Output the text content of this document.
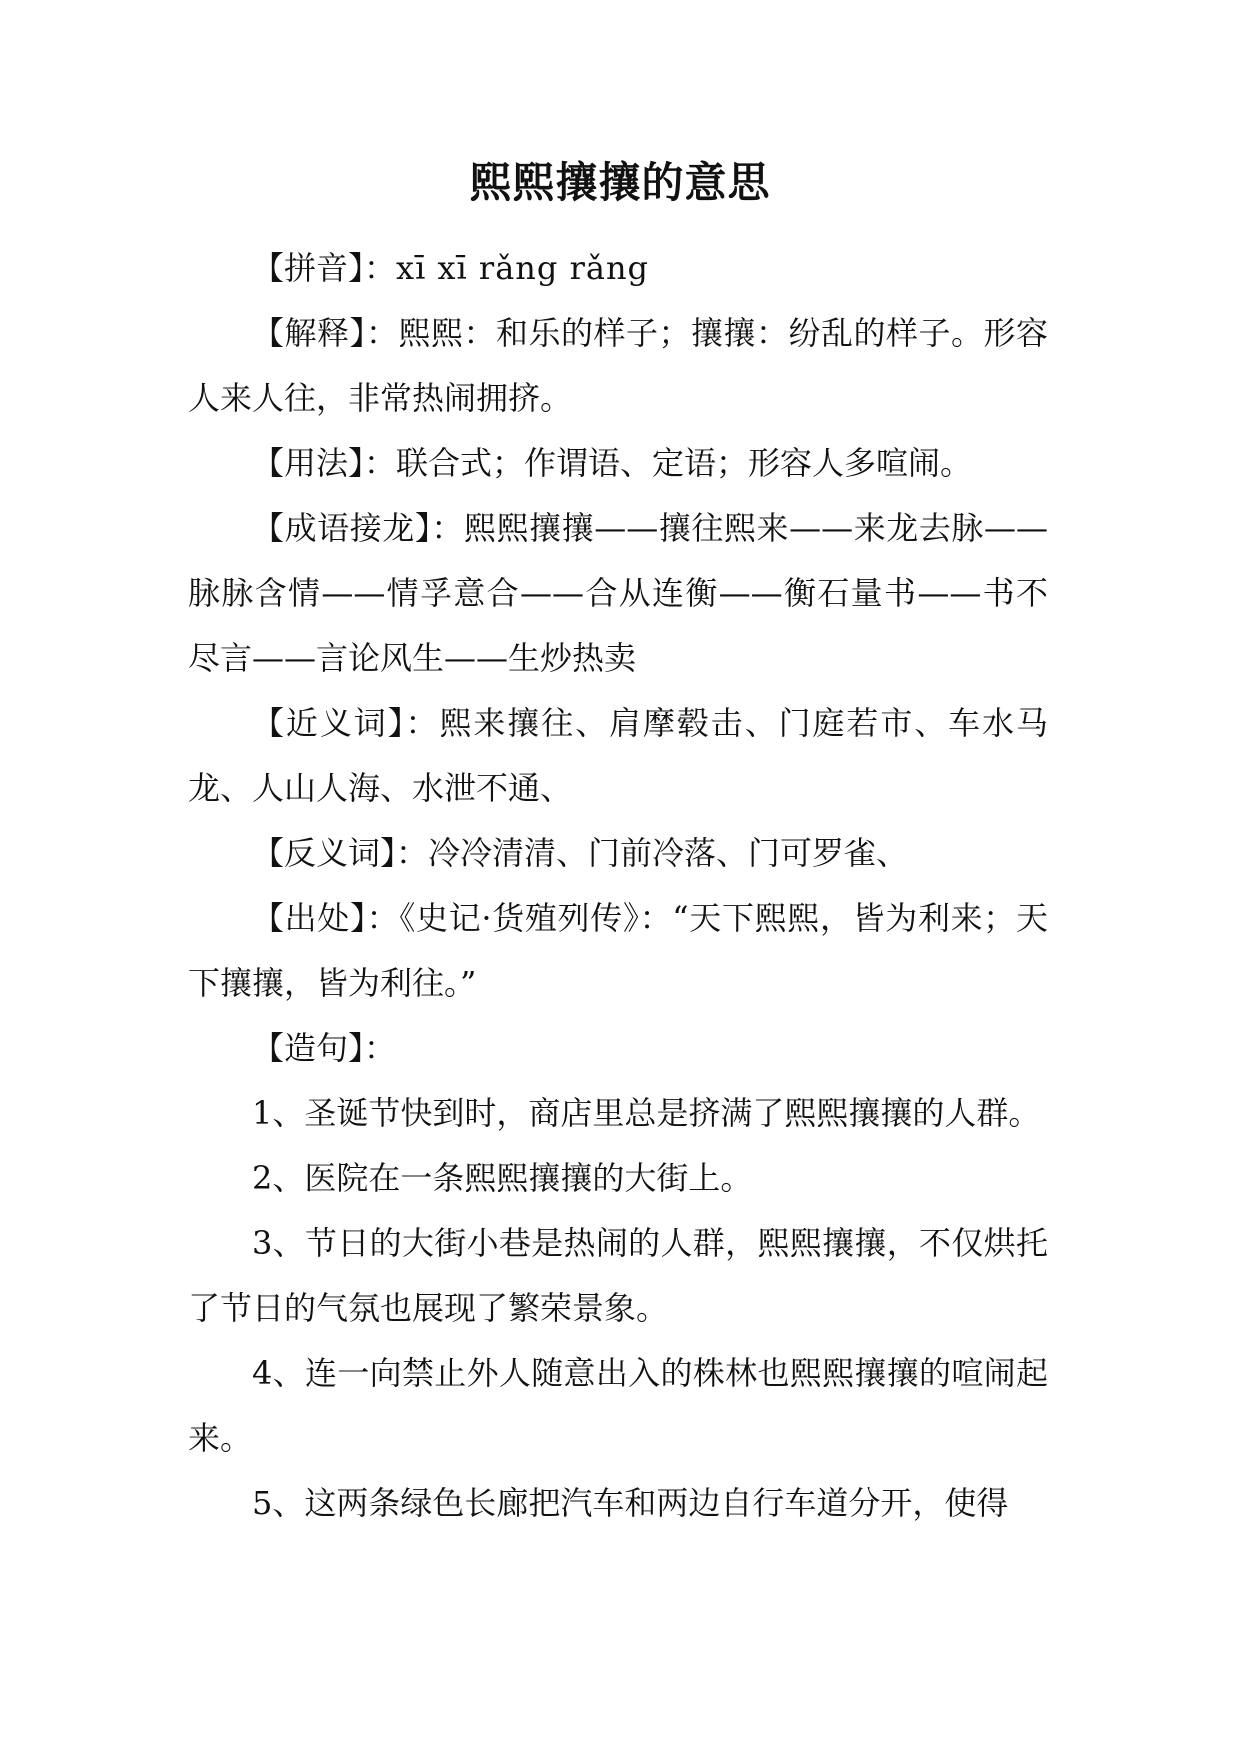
熙熙攘攘的意思

【拼音】：xī xī rǎng rǎng

【解释】：熙熙：和乐的样子；攘攘：纷乱的样子。形容人来人往，非常热闹拥挤。

【用法】：联合式；作谓语、定语；形容人多喧闹。

【成语接龙】：熙熙攘攘——攘往熙来——来龙去脉——脉脉含情——情孚意合——合从连衡——衡石量书——书不尽言——言论风生——生炒热卖

【近义词】：熙来攘往、肩摩毂击、门庭若市、车水马龙、人山人海、水泄不通、

【反义词】：冷冷清清、门前冷落、门可罗雀、

【出处】：《史记·货殖列传》：“天下熙熙，皆为利来；天下攘攘，皆为利往。”

【造句】：

1、圣诞节快到时，商店里总是挤满了熙熙攘攘的人群。

2、医院在一条熙熙攘攘的大街上。

3、节日的大街小巷是热闹的人群，熙熙攘攘，不仅烘托了节日的气氛也展现了繁荣景象。

4、连一向禁止外人随意出入的株林也熙熙攘攘的喧闹起来。

5、这两条绿色长廊把汽车和两边自行车道分开，使得
